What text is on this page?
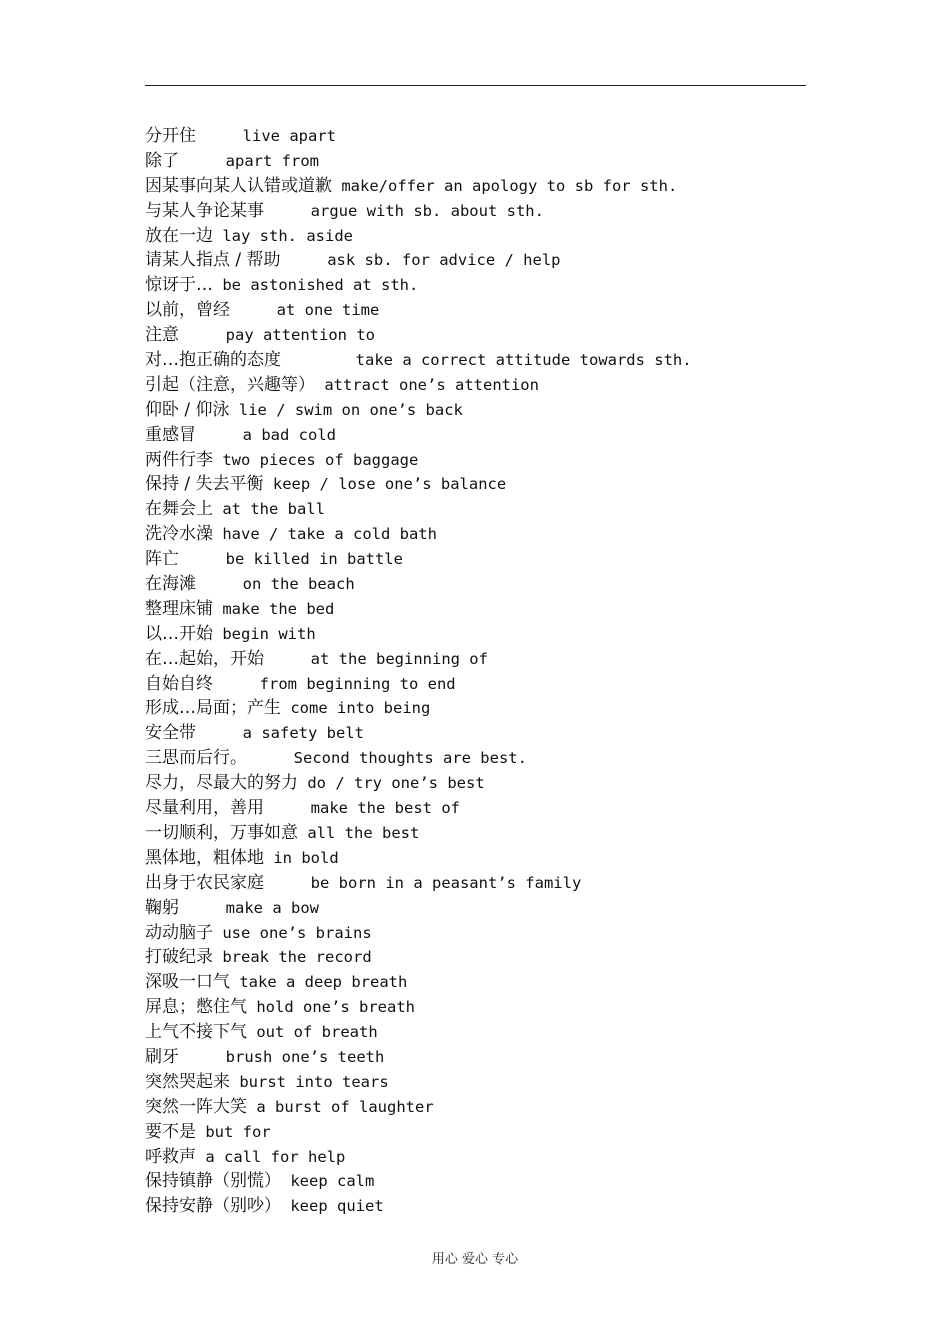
分开住	live apart
除了	apart from
因某事向某人认错或道歉 make/offer an apology to sb for sth.
与某人争论某事	argue with sb. about sth.
放在一边 lay sth. aside
请某人指点 / 帮助	ask sb. for advice / help
惊讶于… be astonished at sth.
以前，曾经	at one time
注意	pay attention to
对…抱正确的态度	take a correct attitude towards sth.
引起（注意，兴趣等） attract one’s attention
仰卧 / 仰泳 lie / swim on one’s back
重感冒	a bad cold
两件行李 two pieces of baggage
保持 / 失去平衡 keep / lose one’s balance
在舞会上 at the ball
洗冷水澡 have / take a cold bath
阵亡	be killed in battle
在海滩	on the beach
整理床铺 make the bed
以…开始 begin with
在…起始，开始	at the beginning of
自始自终	from beginning to end
形成…局面；产生 come into being
安全带	a safety belt
三思而后行。	Second thoughts are best.
尽力，尽最大的努力 do / try one’s best
尽量利用，善用	make the best of
一切顺利，万事如意 all the best
黑体地，粗体地 in bold
出身于农民家庭	be born in a peasant’s family
鞠躬	make a bow
动动脑子 use one’s brains
打破纪录 break the record
深吸一口气 take a deep breath
屏息；憋住气 hold one’s breath
上气不接下气 out of breath
刷牙	brush one’s teeth
突然哭起来 burst into tears
突然一阵大笑 a burst of laughter
要不是 but for
呼救声 a call for help
保持镇静（别慌） keep calm
保持安静（别吵） keep quiet
用心 爱心 专心
